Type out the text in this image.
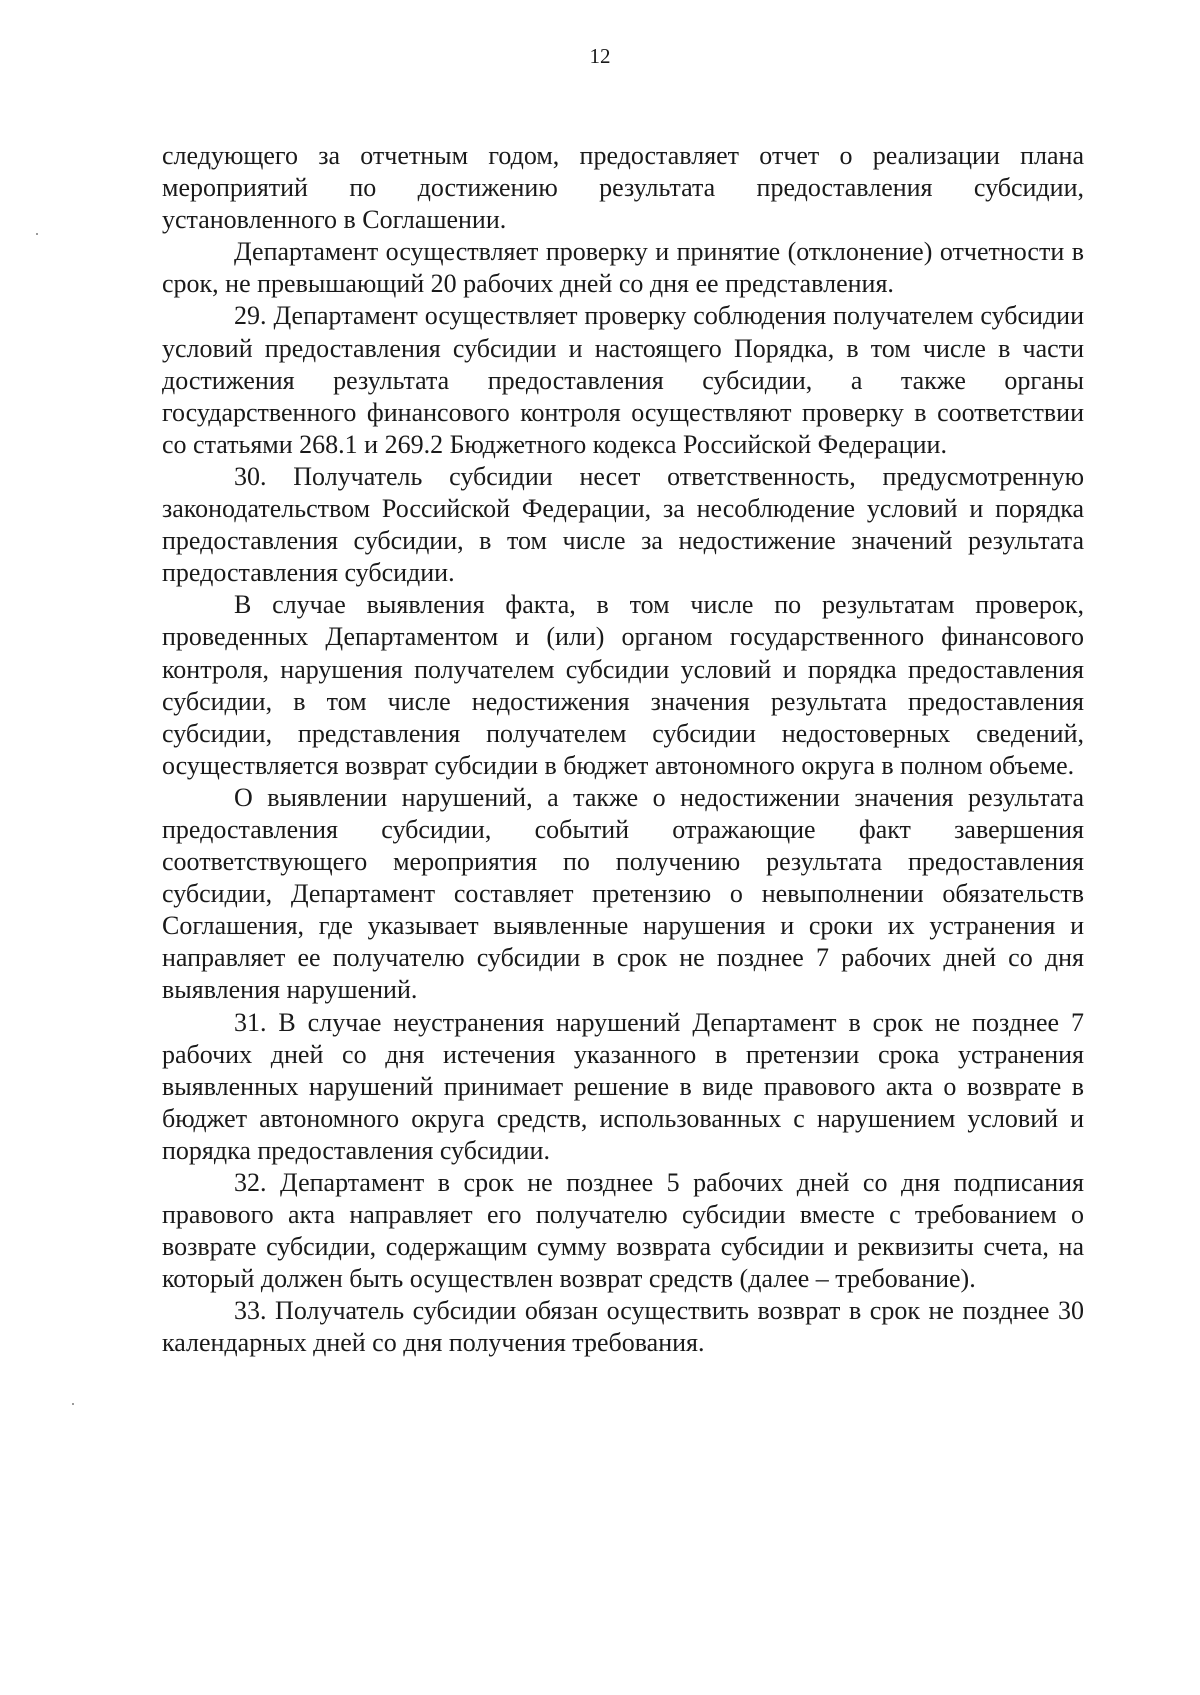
12

следующего за отчетным годом, предоставляет отчет о реализации плана мероприятий по достижению результата предоставления субсидии, установленного в Соглашении.

Департамент осуществляет проверку и принятие (отклонение) отчетности в срок, не превышающий 20 рабочих дней со дня ее представления.

29. Департамент осуществляет проверку соблюдения получателем субсидии условий предоставления субсидии и настоящего Порядка, в том числе в части достижения результата предоставления субсидии, а также органы государственного финансового контроля осуществляют проверку в соответствии со статьями 268.1 и 269.2 Бюджетного кодекса Российской Федерации.

30. Получатель субсидии несет ответственность, предусмотренную законодательством Российской Федерации, за несоблюдение условий и порядка предоставления субсидии, в том числе за недостижение значений результата предоставления субсидии.

В случае выявления факта, в том числе по результатам проверок, проведенных Департаментом и (или) органом государственного финансового контроля, нарушения получателем субсидии условий и порядка предоставления субсидии, в том числе недостижения значения результата предоставления субсидии, представления получателем субсидии недостоверных сведений, осуществляется возврат субсидии в бюджет автономного округа в полном объеме.

О выявлении нарушений, а также о недостижении значения результата предоставления субсидии, событий отражающие факт завершения соответствующего мероприятия по получению результата предоставления субсидии, Департамент составляет претензию о невыполнении обязательств Соглашения, где указывает выявленные нарушения и сроки их устранения и направляет ее получателю субсидии в срок не позднее 7 рабочих дней со дня выявления нарушений.

31. В случае неустранения нарушений Департамент в срок не позднее 7 рабочих дней со дня истечения указанного в претензии срока устранения выявленных нарушений принимает решение в виде правового акта о возврате в бюджет автономного округа средств, использованных с нарушением условий и порядка предоставления субсидии.

32. Департамент в срок не позднее 5 рабочих дней со дня подписания правового акта направляет его получателю субсидии вместе с требованием о возврате субсидии, содержащим сумму возврата субсидии и реквизиты счета, на который должен быть осуществлен возврат средств (далее – требование).

33. Получатель субсидии обязан осуществить возврат в срок не позднее 30 календарных дней со дня получения требования.
